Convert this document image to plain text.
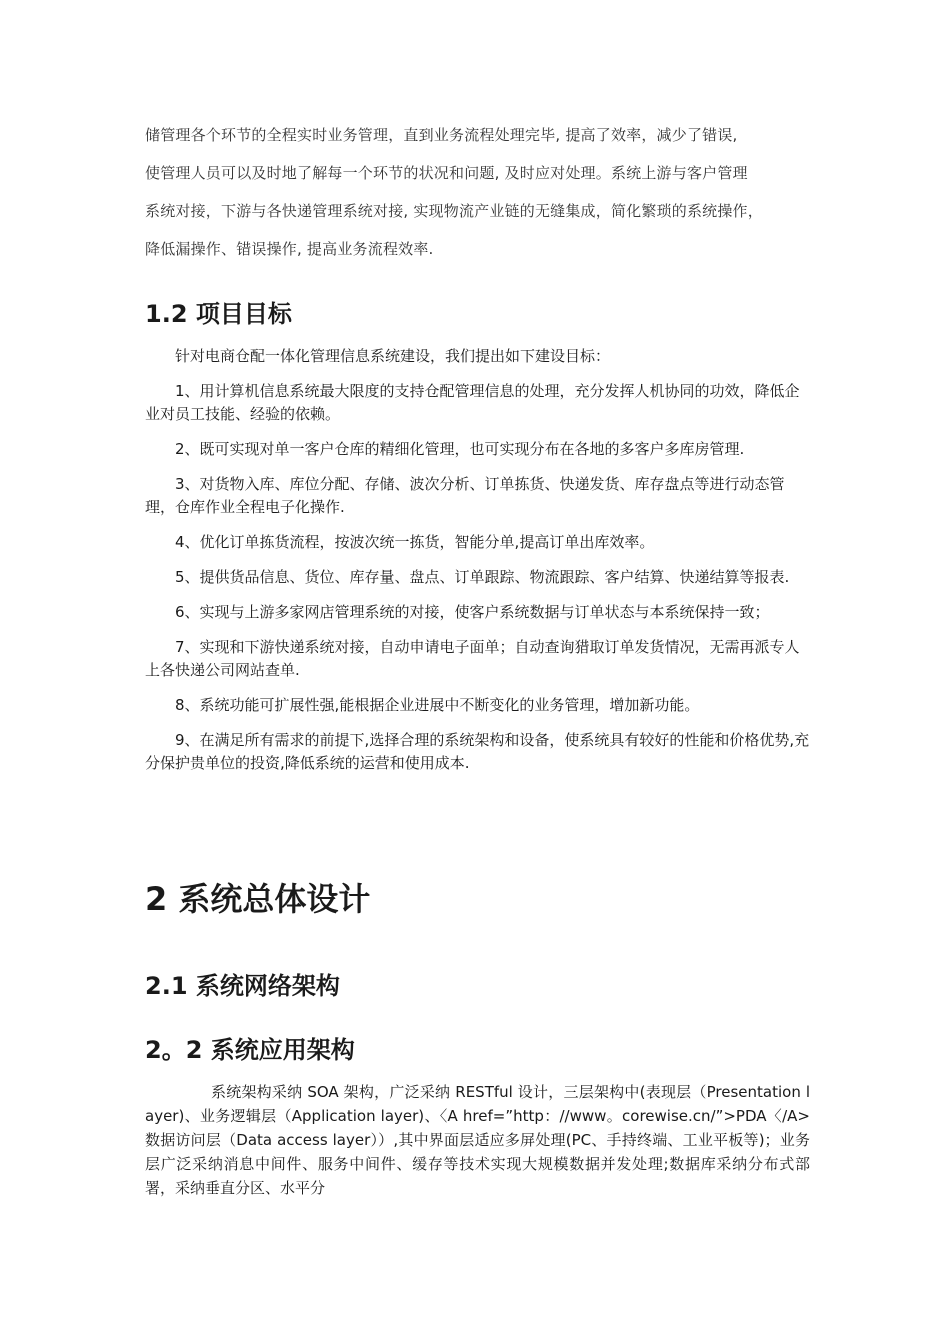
储管理各个环节的全程实时业务管理，直到业务流程处理完毕, 提高了效率，减少了错误,

使管理人员可以及时地了解每一个环节的状况和问题, 及时应对处理。系统上游与客户管理

系统对接，下游与各快递管理系统对接, 实现物流产业链的无缝集成，简化繁琐的系统操作，

降低漏操作、错误操作, 提高业务流程效率.

1.2 项目目标

针对电商仓配一体化管理信息系统建设，我们提出如下建设目标：

1、用计算机信息系统最大限度的支持仓配管理信息的处理，充分发挥人机协同的功效，降低企业对员工技能、经验的依赖。

2、既可实现对单一客户仓库的精细化管理，也可实现分布在各地的多客户多库房管理.

3、对货物入库、库位分配、存储、波次分析、订单拣货、快递发货、库存盘点等进行动态管理，仓库作业全程电子化操作.

4、优化订单拣货流程，按波次统一拣货，智能分单,提高订单出库效率。

5、提供货品信息、货位、库存量、盘点、订单跟踪、物流跟踪、客户结算、快递结算等报表.

6、实现与上游多家网店管理系统的对接，使客户系统数据与订单状态与本系统保持一致；

7、实现和下游快递系统对接，自动申请电子面单；自动查询猎取订单发货情况，无需再派专人上各快递公司网站查单.

8、系统功能可扩展性强,能根据企业进展中不断变化的业务管理，增加新功能。

9、在满足所有需求的前提下,选择合理的系统架构和设备，使系统具有较好的性能和价格优势,充分保护贵单位的投资,降低系统的运营和使用成本.

2 系统总体设计
2.1 系统网络架构
2。2 系统应用架构

系统架构采纳 SOA 架构，广泛采纳 RESTful 设计，三层架构中(表现层（Presentation layer)、业务逻辑层（Application layer)、〈A href=”http：//www。corewise.cn/”>PDA〈/A> 数据访问层（Data access layer））,其中界面层适应多屏处理(PC、手持终端、工业平板等)；业务层广泛采纳消息中间件、服务中间件、缓存等技术实现大规模数据并发处理;数据库采纳分布式部署，采纳垂直分区、水平分
